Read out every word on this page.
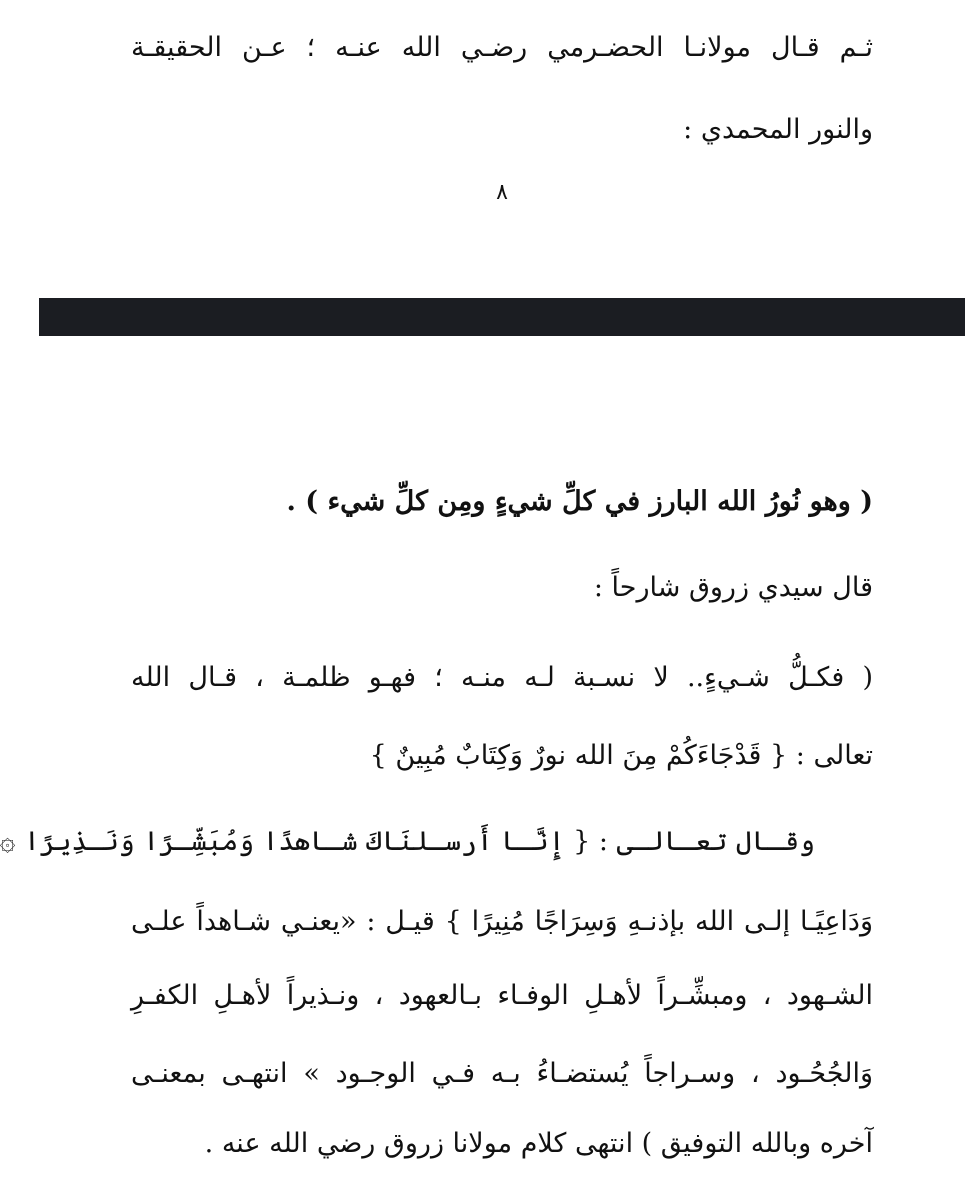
ثـم قـال مولانـا الحضـرمي رضـي الله عنـه ؛ عـن الحقيقـة
والنور المحمدي :
٨
( وهو نُورُ الله البارز في كلِّ شيءٍ ومِن كلِّ شيء ) .
قال سيدي زروق شارحاً :
( فكـلُّ شـيءٍ.. لا نسـبة لـه منـه ؛ فهـو ظلمـة ، قـال الله
تعالى : { قَدْجَاءَكُمْ مِنَ الله نورٌ وَكِتَابٌ مُبِينٌ }
وقـال تعـالـى : { إِنَّـا أَرسـلنَاكَ شـاهدًا وَمُبَشِّـرًا وَنَـذِيرًا ۞
وَدَاعِيًـا إلـى الله بإذنـهِ وَسِرَاجًا مُنِيرًا } قيـل : «يعنـي شـاهداً علـى
الشـهود ، ومبشِّـراً لأهـلِ الوفـاء بـالعهود ، ونـذيراً لأهـلِ الكفـرِ
وَالجُحُـود ، وسـراجاً يُستضـاءُ بـه فـي الوجـود » انتهـى بمعنـى
آخره وبالله التوفيق ) انتهى كلام مولانا زروق رضي الله عنه .
